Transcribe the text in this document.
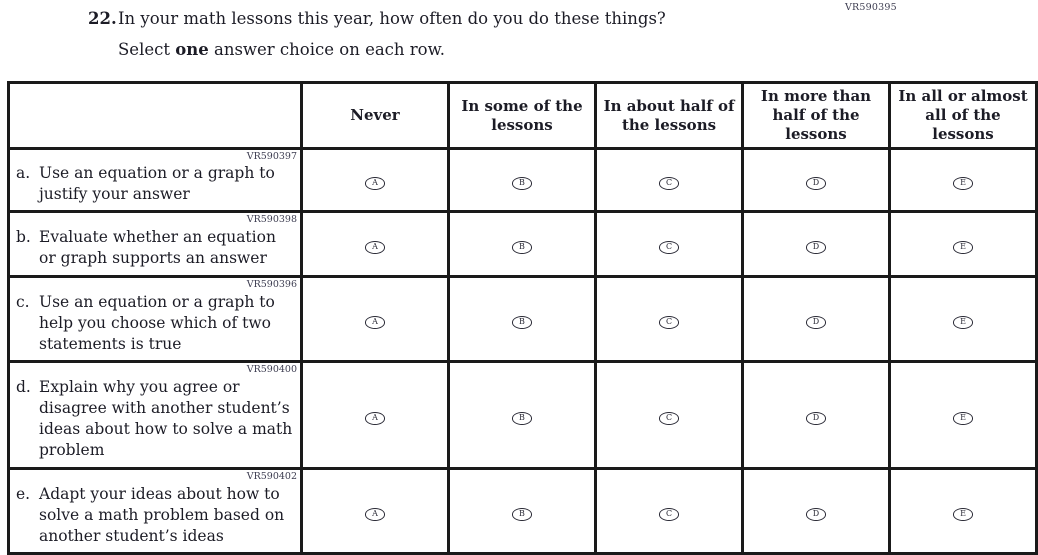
VR590395
22.In your math lessons this year, how often do you do these things?
Select one answer choice on each row.
	Never	In some of the lessons	In about half of the lessons	In more than half of the lessons	In all or almost all of the lessons

VR590397
a. Use an equation or a graph to justify your answer	A	B	C	D	E

VR590398
b. Evaluate whether an equation or graph supports an answer	A	B	C	D	E

VR590396
c. Use an equation or a graph to help you choose which of two statements is true	A	B	C	D	E

VR590400
d. Explain why you agree or disagree with another student’s ideas about how to solve a math problem	A	B	C	D	E

VR590402
e. Adapt your ideas about how to solve a math problem based on another student’s ideas	A	B	C	D	E
